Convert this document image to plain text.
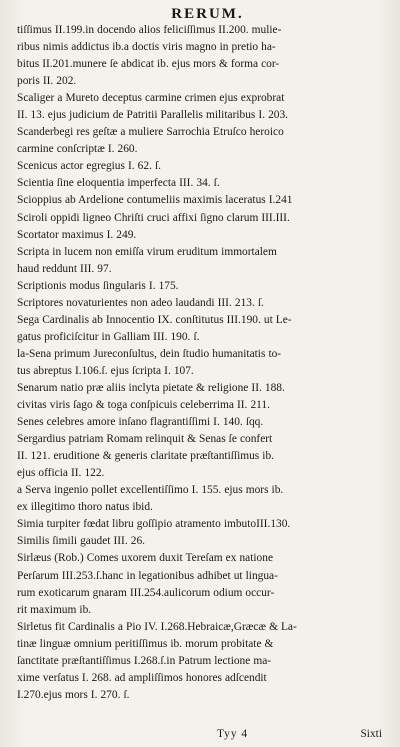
RERUM.
tiſſimus II.199.in docendo alios feliciſſimus II.200. mulie-
ribus nimis addictus ib.a doctis viris magno in pretio ha-
bitus II.201.munere ſe abdicat ib. ejus mors & forma cor-
poris II. 202.
Scaliger a Mureto deceptus carmine crimen ejus exprobrat
II. 13. ejus judicium de Patritii Parallelis militaribus I. 203.
Scanderbegi res geſtæ a muliere Sarrochia Etruſco heroico
carmine conſcriptæ I. 260.
Scenicus actor egregius I. 62. ſ.
Scientia ſine eloquentia imperfecta III. 34. ſ.
Scioppius ab Ardelione contumeliis maximis laceratus I.241
Sciroli oppidi ligneo Chriſti cruci affixi ſigno clarum III.III.
Scortator maximus I. 249.
Scripta in lucem non emiſſa virum eruditum immortalem
haud reddunt III. 97.
Scriptionis modus ſingularis I. 175.
Scriptores novaturientes non adeo laudandi III. 213. ſ.
Sega Cardinalis ab Innocentio IX. conſtitutus III.190. ut Le-
gatus proficiſcitur in Galliam III. 190. ſ.
la-Sena primum Jureconſultus, dein ſtudio humanitatis to-
tus abreptus I.106.ſ. ejus ſcripta I. 107.
Senarum natio præ aliis inclyta pietate & religione II. 188.
civitas viris ſago & toga conſpicuis celeberrima II. 211.
Senes celebres amore inſano flagrantiſſimi I. 140. ſqq.
Sergardius patriam Romam relinquit & Senas ſe confert
II. 121. eruditione & generis claritate præſtantiſſimus ib.
ejus officia II. 122.
a Serva ingenio pollet excellentiſſimo I. 155. ejus mors ib.
ex illegitimo thoro natus ibid.
Simia turpiter fœdat libru goſſipio atramento imbutoIII.130.
Similis ſimili gaudet III. 26.
Sirlæus (Rob.) Comes uxorem duxit Tereſam ex natione
Perſarum III.253.ſ.hanc in legationibus adhibet ut lingua-
rum exoticarum gnaram III.254.aulicorum odium occur-
rit maximum ib.
Sirletus fit Cardinalis a Pio IV. I.268.Hebraicæ,Græcæ & La-
tinæ linguæ omnium peritiſſimus ib. morum probitate &
ſanctitate præſtantiſſimus I.268.ſ.in Patrum lectione ma-
xime verſatus I. 268. ad ampliſſimos honores adſcendit
I.270.ejus mors I. 270. ſ.
Tyy 4	Sixti
